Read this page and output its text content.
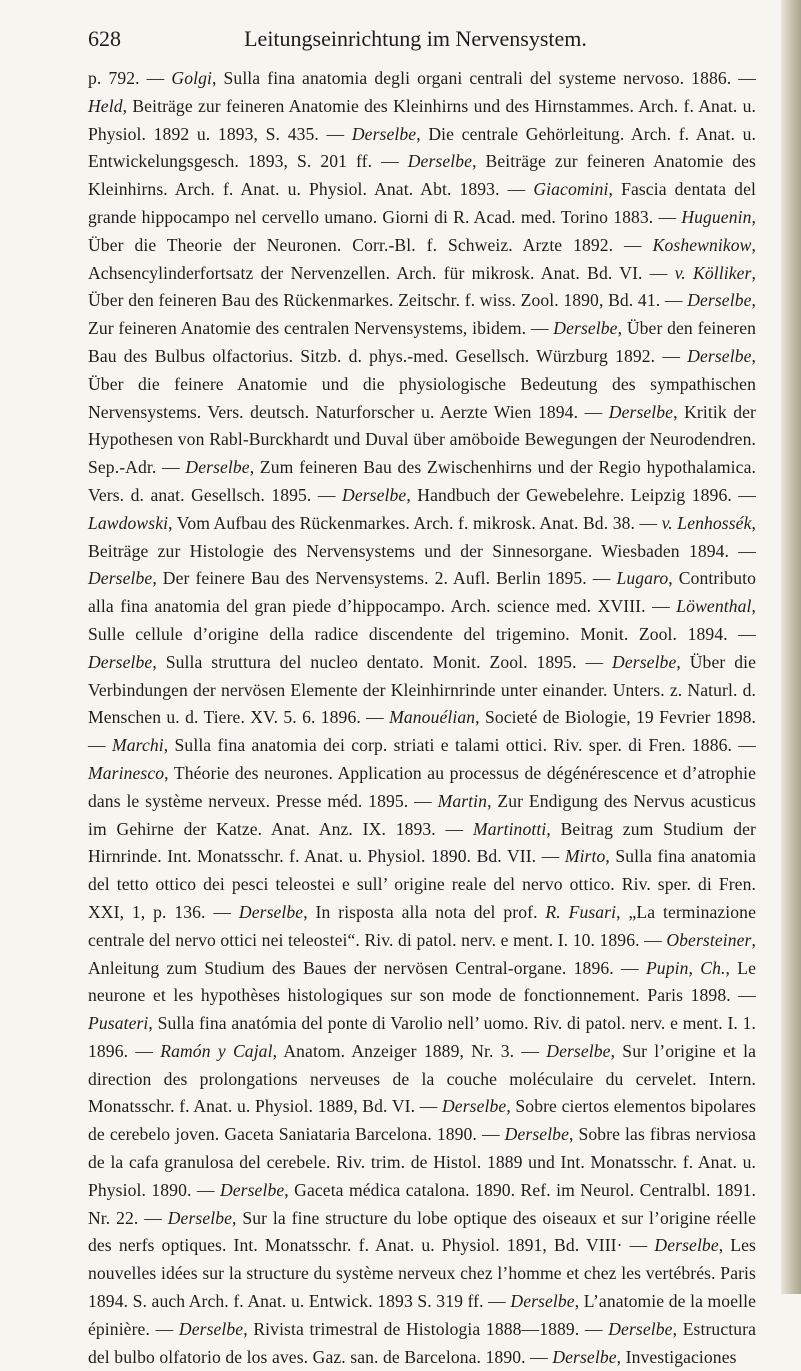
628	Leitungseinrichtung im Nervensystem.
p. 792. — Golgi, Sulla fina anatomia degli organi centrali del systeme nervoso. 1886. — Held, Beiträge zur feineren Anatomie des Kleinhirns und des Hirnstammes. Arch. f. Anat. u. Physiol. 1892 u. 1893, S. 435. — Derselbe, Die centrale Gehörleitung. Arch. f. Anat. u. Entwickelungsgesch. 1893, S. 201 ff. — Derselbe, Beiträge zur feineren Anatomie des Kleinhirns. Arch. f. Anat. u. Physiol. Anat. Abt. 1893. — Giacomini, Fascia dentata del grande hippocampo nel cervello umano. Giorni di R. Acad. med. Torino 1883. — Huguenin, Über die Theorie der Neuronen. Corr.-Bl. f. Schweiz. Arzte 1892. — Koshewnikow, Achsencylinderfortsatz der Nervenzellen. Arch. für mikrosk. Anat. Bd. VI. — v. Kölliker, Über den feineren Bau des Rückenmarkes. Zeitschr. f. wiss. Zool. 1890, Bd. 41. — Derselbe, Zur feineren Anatomie des centralen Nervensystems, ibidem. — Derselbe, Über den feineren Bau des Bulbus olfactorius. Sitzb. d. phys.-med. Gesellsch. Würzburg 1892. — Derselbe, Über die feinere Anatomie und die physiologische Bedeutung des sympathischen Nervensystems. Vers. deutsch. Naturforscher u. Aerzte Wien 1894. — Derselbe, Kritik der Hypothesen von Rabl-Burckhardt und Duval über amöboide Bewegungen der Neurodendren. Sep.-Adr. — Derselbe, Zum feineren Bau des Zwischenhirns und der Regio hypothalamica. Vers. d. anat. Gesellsch. 1895. — Derselbe, Handbuch der Gewebelehre. Leipzig 1896. — Lawdowski, Vom Aufbau des Rückenmarkes. Arch. f. mikrosk. Anat. Bd. 38. — v. Lenhossék, Beiträge zur Histologie des Nervensystems und der Sinnesorgane. Wiesbaden 1894. — Derselbe, Der feinere Bau des Nervensystems. 2. Aufl. Berlin 1895. — Lugaro, Contributo alla fina anatomia del gran piede d’hippocampo. Arch. science med. XVIII. — Löwenthal, Sulle cellule d’origine della radice discendente del trigemino. Monit. Zool. 1894. — Derselbe, Sulla struttura del nucleo dentato. Monit. Zool. 1895. — Derselbe, Über die Verbindungen der nervösen Elemente der Kleinhirnrinde unter einander. Unters. z. Naturl. d. Menschen u. d. Tiere. XV. 5. 6. 1896. — Manouélian, Societé de Biologie, 19 Fevrier 1898. — Marchi, Sulla fina anatomia dei corp. striati e talami ottici. Riv. sper. di Fren. 1886. — Marinesco, Théorie des neurones. Application au processus de dégénérescence et d’atrophie dans le système nerveux. Presse méd. 1895. — Martin, Zur Endigung des Nervus acusticus im Gehirne der Katze. Anat. Anz. IX. 1893. — Martinotti, Beitrag zum Studium der Hirnrinde. Int. Monatsschr. f. Anat. u. Physiol. 1890. Bd. VII. — Mirto, Sulla fina anatomia del tetto ottico dei pesci teleostei e sull’ origine reale del nervo ottico. Riv. sper. di Fren. XXI, 1, p. 136. — Derselbe, In risposta alla nota del prof. R. Fusari, „La terminazione centrale del nervo ottici nei teleostei“. Riv. di patol. nerv. e ment. I. 10. 1896. — Obersteiner, Anleitung zum Studium des Baues der nervösen Central-organe. 1896. — Pupin, Ch., Le neurone et les hypothèses histologiques sur son mode de fonctionnement. Paris 1898. — Pusateri, Sulla fina anatómia del ponte di Varolio nell’ uomo. Riv. di patol. nerv. e ment. I. 1. 1896. — Ramón y Cajal, Anatom. Anzeiger 1889, Nr. 3. — Derselbe, Sur l’origine et la direction des prolongations nerveuses de la couche moléculaire du cervelet. Intern. Monatsschr. f. Anat. u. Physiol. 1889, Bd. VI. — Derselbe, Sobre ciertos elementos bipolares de cerebelo joven. Gaceta Saniataria Barcelona. 1890. — Derselbe, Sobre las fibras nerviosa de la cafa granulosa del cerebele. Riv. trim. de Histol. 1889 und Int. Monatsschr. f. Anat. u. Physiol. 1890. — Derselbe, Gaceta médica catalona. 1890. Ref. im Neurol. Centralbl. 1891. Nr. 22. — Derselbe, Sur la fine structure du lobe optique des oiseaux et sur l’origine réelle des nerfs optiques. Int. Monatsschr. f. Anat. u. Physiol. 1891, Bd. VIII· — Derselbe, Les nouvelles idées sur la structure du système nerveux chez l’homme et chez les vertébrés. Paris 1894. S. auch Arch. f. Anat. u. Entwick. 1893 S. 319 ff. — Derselbe, L’anatomie de la moelle épinière. — Derselbe, Rivista trimestral de Histologia 1888—1889. — Derselbe, Estructura del bulbo olfatorio de los aves. Gaz. san. de Barcelona. 1890. — Derselbe, Investigaciones
